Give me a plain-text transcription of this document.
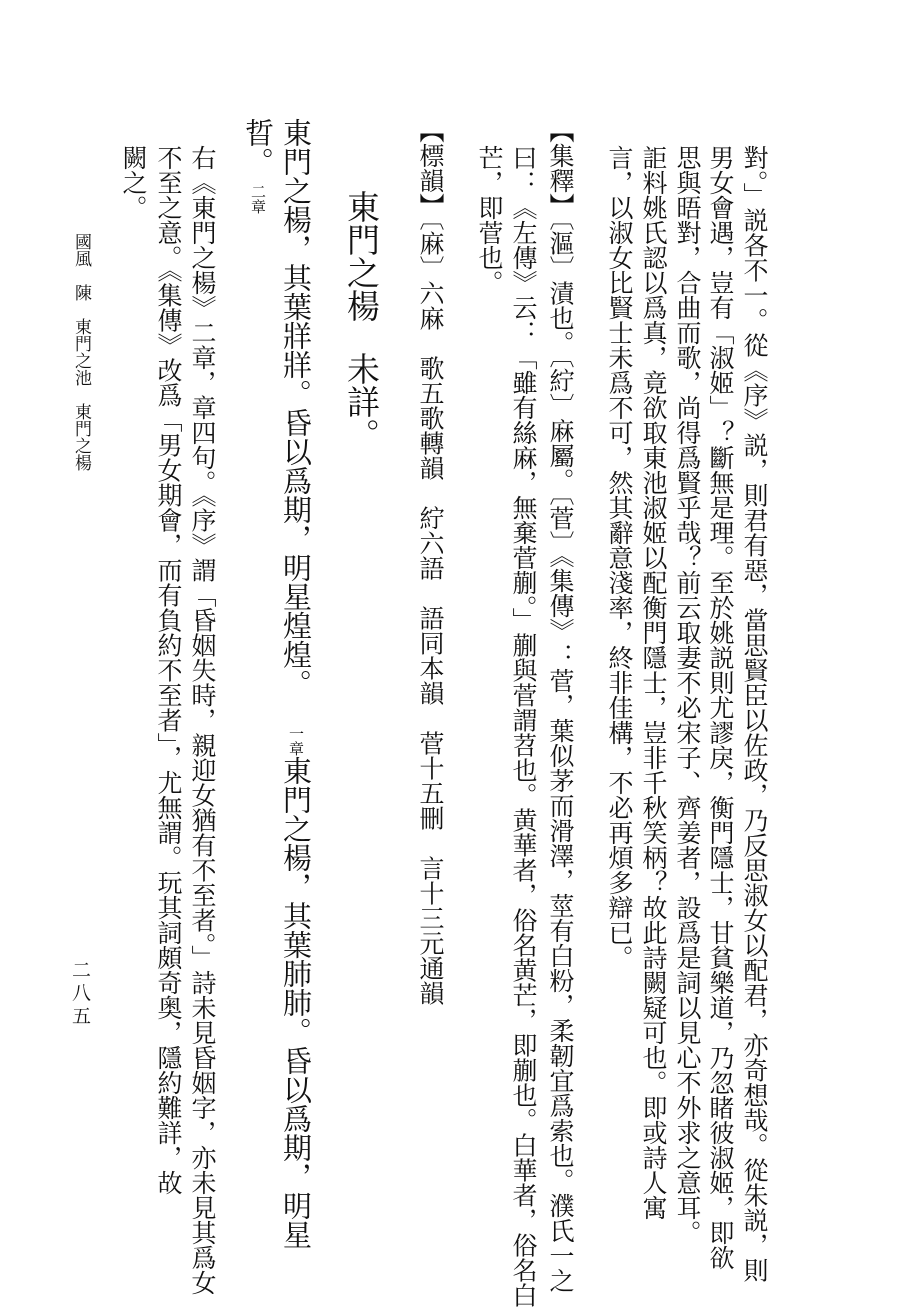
對。」説各不一。從《序》説，則君有惡，當思賢臣以佐政，乃反思淑女以配君，亦奇想哉。從朱説，則
男女會遇，豈有「淑姬」？斷無是理。至於姚説則尤謬戾，衡門隱士，甘貧樂道，乃忽睹彼淑姬，即欲
思與晤對，合曲而歌，尚得爲賢乎哉？前云取妻不必宋子、齊姜者，設爲是詞以見心不外求之意耳。
詎料姚氏認以爲真，竟欲取東池淑姬以配衡門隱士，豈非千秋笑柄？故此詩闕疑可也。即或詩人寓
言，以淑女比賢士未爲不可，然其辭意淺率，終非佳構，不必再煩多辯已。
【集釋】〔漚〕漬也。〔紵〕麻屬。〔菅〕《集傳》：菅，葉似茅而滑澤，莖有白粉，柔韌宜爲索也。濮氏一之
曰：《左傳》云：「雖有絲麻，無棄菅蒯。」蒯與菅謂苕也。黄華者，俗名黄芒，即蒯也。白華者，俗名白
芒，即菅也。
【標韻】〔麻〕六麻　歌五歌轉韻　紵六語　語同本韻　菅十五刪　言十三元通韻
東門之楊未詳。
東門之楊，其葉牂牂。昏以爲期，明星煌煌。一章東門之楊，其葉肺肺。昏以爲期，明星
晢。二章
右《東門之楊》二章，章四句。《序》謂「昏姻失時，親迎女猶有不至者。」詩未見昏姻字，亦未見其爲女
不至之意。《集傳》改爲「男女期會，而有負約不至者」，尤無謂。玩其詞頗奇奥，隱約難詳，故
闕之。
國風　陳　東門之池　東門之楊
二八五
